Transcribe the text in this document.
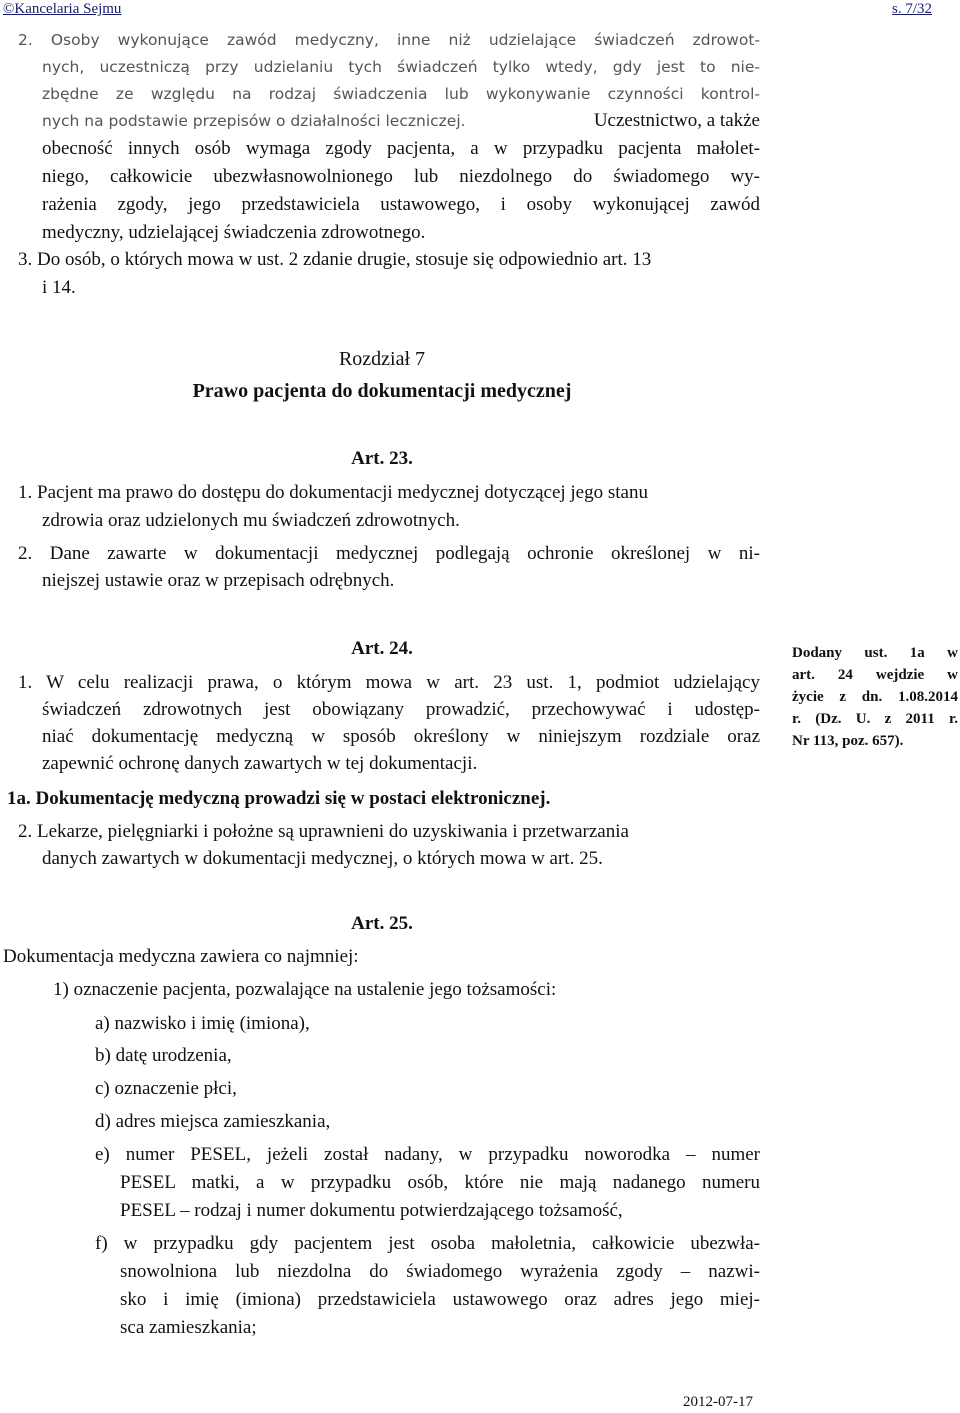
©Kancelaria Sejmu	s. 7/32
2. Osoby wykonujące zawód medyczny, inne niż udzielające świadczeń zdrowot-
nych, uczestniczą przy udzielaniu tych świadczeń tylko wtedy, gdy jest to nie-
zbędne ze względu na rodzaj świadczenia lub wykonywanie czynności kontrol-
nych na podstawie przepisów o działalności leczniczej.	Uczestnictwo, a także
obecność innych osób wymaga zgody pacjenta, a w przypadku pacjenta małolet-
niego, całkowicie ubezwłasnowolnionego lub niezdolnego do świadomego wy-
rażenia zgody, jego przedstawiciela ustawowego, i osoby wykonującej zawód
medyczny, udzielającej świadczenia zdrowotnego.
3. Do osób, o których mowa w ust. 2 zdanie drugie, stosuje się odpowiednio art. 13
i 14.
Rozdział 7
Prawo pacjenta do dokumentacji medycznej
Art. 23.
1. Pacjent ma prawo do dostępu do dokumentacji medycznej dotyczącej jego stanu
zdrowia oraz udzielonych mu świadczeń zdrowotnych.
2. Dane zawarte w dokumentacji medycznej podlegają ochronie określonej w ni-
niejszej ustawie oraz w przepisach odrębnych.
Art. 24.
1. W celu realizacji prawa, o którym mowa w art. 23 ust. 1, podmiot udzielający
świadczeń zdrowotnych jest obowiązany prowadzić, przechowywać i udostęp-
niać dokumentację medyczną w sposób określony w niniejszym rozdziale oraz
zapewnić ochronę danych zawartych w tej dokumentacji.
1a. Dokumentację medyczną prowadzi się w postaci elektronicznej.
2. Lekarze, pielęgniarki i położne są uprawnieni do uzyskiwania i przetwarzania
danych zawartych w dokumentacji medycznej, o których mowa w art. 25.
Dodany ust. 1a w
art. 24 wejdzie w
życie z dn. 1.08.2014
r. (Dz. U. z 2011 r.
Nr 113, poz. 657).
Art. 25.
Dokumentacja medyczna zawiera co najmniej:
1) oznaczenie pacjenta, pozwalające na ustalenie jego tożsamości:
a) nazwisko i imię (imiona),
b) datę urodzenia,
c) oznaczenie płci,
d) adres miejsca zamieszkania,
e) numer PESEL, jeżeli został nadany, w przypadku noworodka – numer
PESEL matki, a w przypadku osób, które nie mają nadanego numeru
PESEL – rodzaj i numer dokumentu potwierdzającego tożsamość,
f) w przypadku gdy pacjentem jest osoba małoletnia, całkowicie ubezwła-
snowolniona lub niezdolna do świadomego wyrażenia zgody – nazwi-
sko i imię (imiona) przedstawiciela ustawowego oraz adres jego miej-
sca zamieszkania;
2012-07-17
